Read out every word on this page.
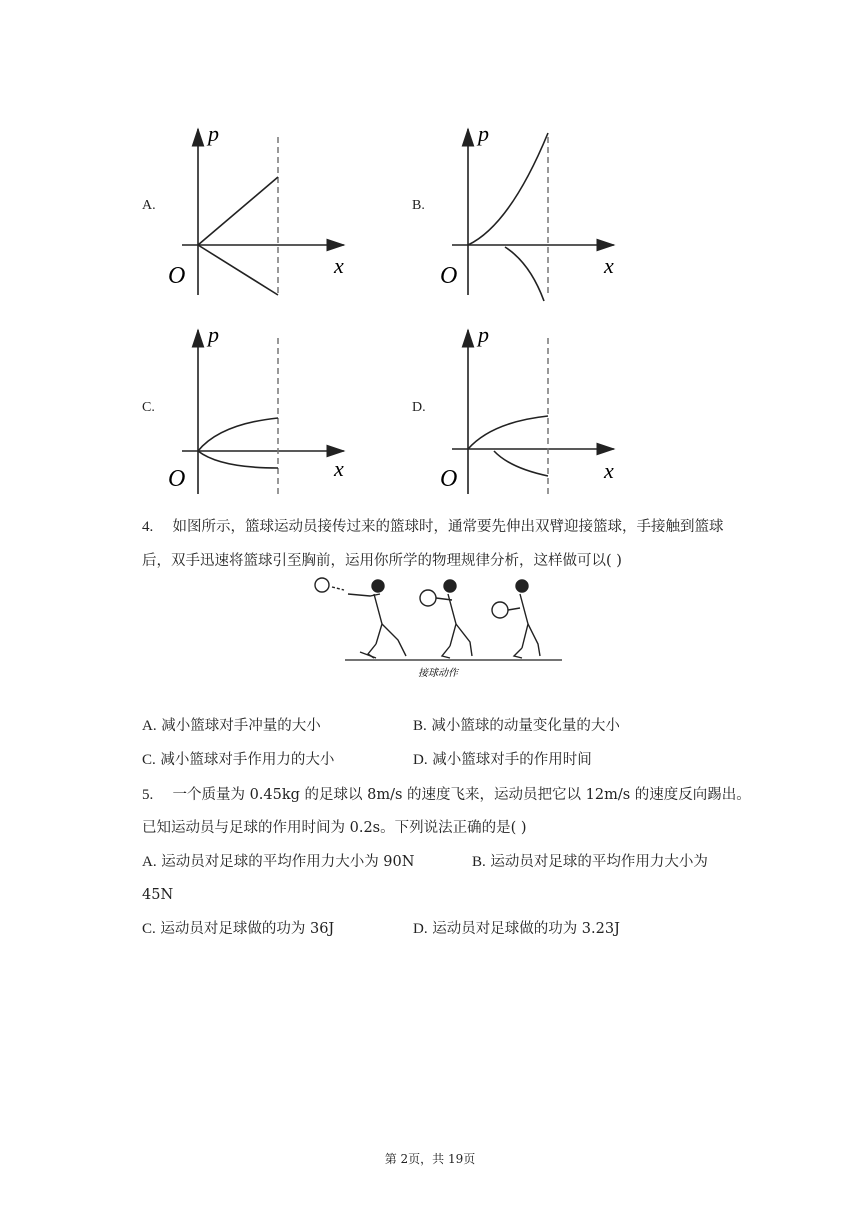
A.
p
x
O
B.
p
x
O
C.
p
x
O
D.
p
x
O
4. 如图所示，篮球运动员接传过来的篮球时，通常要先伸出双臂迎接篮球，手接触到篮球
后，双手迅速将篮球引至胸前，运用你所学的物理规律分析，这样做可以( )
接球动作
A. 减小篮球对手冲量的大小	B. 减小篮球的动量变化量的大小
C. 减小篮球对手作用力的大小	D. 减小篮球对手的作用时间
5. 一个质量为 0.45kg 的足球以 8m/s 的速度飞来，运动员把它以 12m/s 的速度反向踢出。
已知运动员与足球的作用时间为 0.2s。下列说法正确的是( )
A. 运动员对足球的平均作用力大小为 90N	B. 运动员对足球的平均作用力大小为
45N
C. 运动员对足球做的功为 36J	D. 运动员对足球做的功为 3.23J
第 2页，共 19页
